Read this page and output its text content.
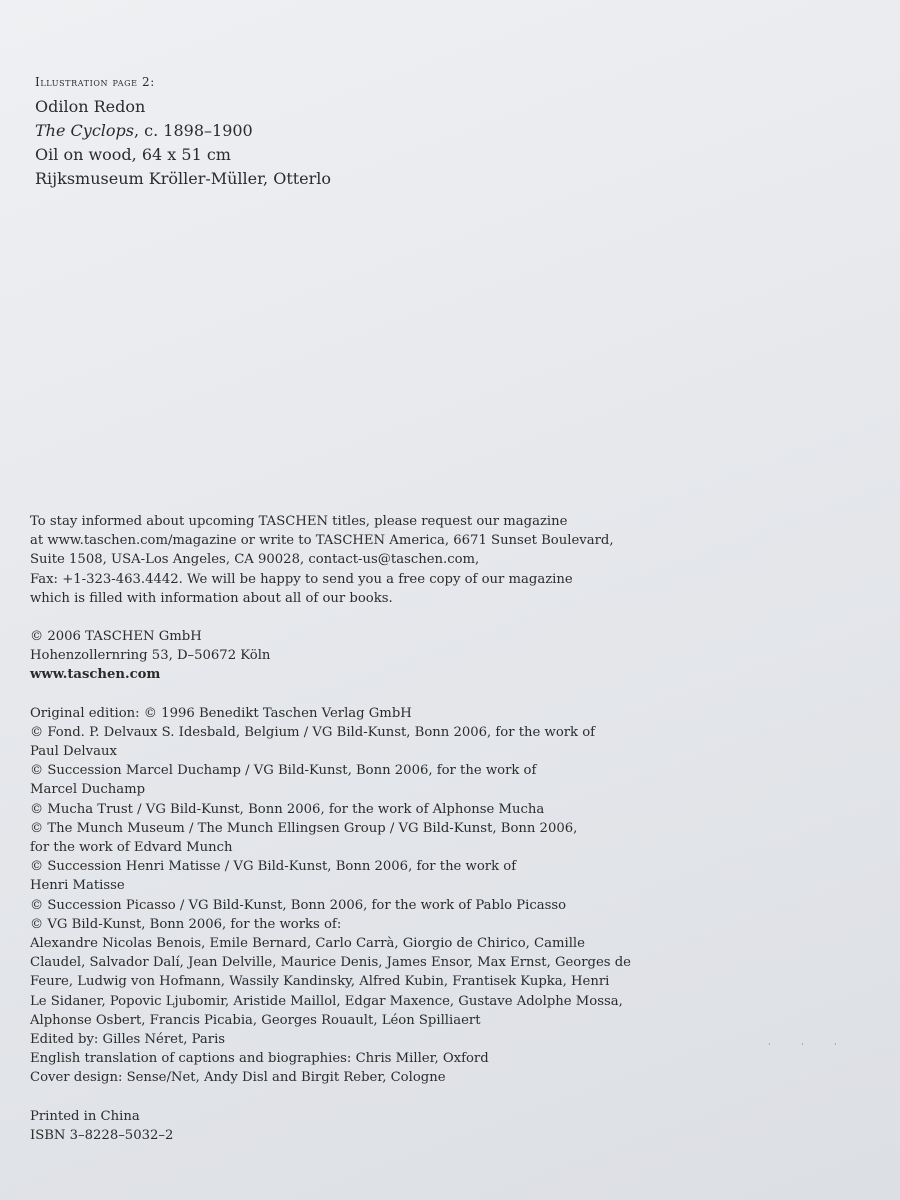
Illustration page 2:
Odilon Redon
The Cyclops, c. 1898–1900
Oil on wood, 64 x 51 cm
Rijksmuseum Kröller-Müller, Otterlo
To stay informed about upcoming TASCHEN titles, please request our magazine
at www.taschen.com/magazine or write to TASCHEN America, 6671 Sunset Boulevard,
Suite 1508, USA-Los Angeles, CA 90028, contact-us@taschen.com,
Fax: +1-323-463.4442. We will be happy to send you a free copy of our magazine
which is filled with information about all of our books.
© 2006 TASCHEN GmbH
Hohenzollernring 53, D–50672 Köln
www.taschen.com
Original edition: © 1996 Benedikt Taschen Verlag GmbH
© Fond. P. Delvaux S. Idesbald, Belgium / VG Bild-Kunst, Bonn 2006, for the work of
Paul Delvaux
© Succession Marcel Duchamp / VG Bild-Kunst, Bonn 2006, for the work of
Marcel Duchamp
© Mucha Trust / VG Bild-Kunst, Bonn 2006, for the work of Alphonse Mucha
© The Munch Museum / The Munch Ellingsen Group / VG Bild-Kunst, Bonn 2006,
for the work of Edvard Munch
© Succession Henri Matisse / VG Bild-Kunst, Bonn 2006, for the work of
Henri Matisse
© Succession Picasso / VG Bild-Kunst, Bonn 2006, for the work of Pablo Picasso
© VG Bild-Kunst, Bonn 2006, for the works of:
Alexandre Nicolas Benois, Emile Bernard, Carlo Carrà, Giorgio de Chirico, Camille
Claudel, Salvador Dalí, Jean Delville, Maurice Denis, James Ensor, Max Ernst, Georges de
Feure, Ludwig von Hofmann, Wassily Kandinsky, Alfred Kubin, Frantisek Kupka, Henri
Le Sidaner, Popovic Ljubomir, Aristide Maillol, Edgar Maxence, Gustave Adolphe Mossa,
Alphonse Osbert, Francis Picabia, Georges Rouault, Léon Spilliaert
Edited by: Gilles Néret, Paris
English translation of captions and biographies: Chris Miller, Oxford
Cover design: Sense/Net, Andy Disl and Birgit Reber, Cologne
Printed in China
ISBN 3–8228–5032–2
· · ·
